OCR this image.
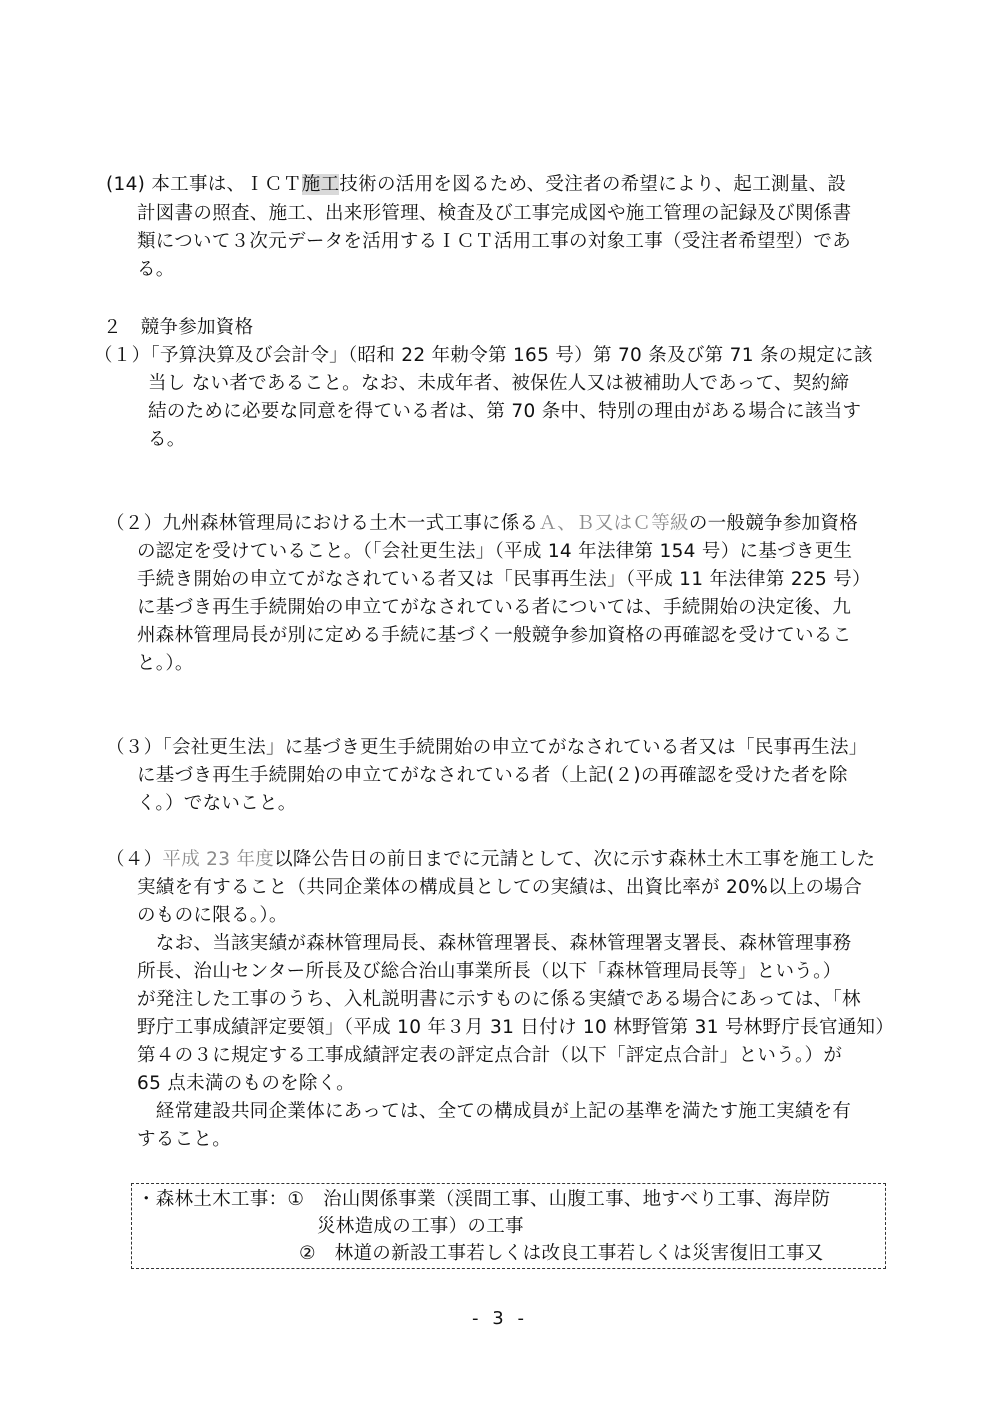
(14) 本工事は、ＩＣＴ施工技術の活用を図るため、受注者の希望により、起工測量、設
計図書の照査、施工、出来形管理、検査及び工事完成図や施工管理の記録及び関係書
類について３次元データを活用するＩＣＴ活用工事の対象工事（受注者希望型）であ
る。
２　競争参加資格
（１）「予算決算及び会計令」（昭和 22 年勅令第 165 号）第 70 条及び第 71 条の規定に該
当し ない者であること。なお、未成年者、被保佐人又は被補助人であって、契約締
結のために必要な同意を得ている者は、第 70 条中、特別の理由がある場合に該当す
る。
（２）九州森林管理局における土木一式工事に係るＡ、Ｂ又はＣ等級の一般競争参加資格
の認定を受けていること。（「会社更生法」（平成 14 年法律第 154 号）に基づき更生
手続き開始の申立てがなされている者又は「民事再生法」（平成 11 年法律第 225 号）
に基づき再生手続開始の申立てがなされている者については、手続開始の決定後、九
州森林管理局長が別に定める手続に基づく一般競争参加資格の再確認を受けているこ
と。）。
（３）「会社更生法」に基づき更生手続開始の申立てがなされている者又は「民事再生法」
に基づき再生手続開始の申立てがなされている者（上記(２)の再確認を受けた者を除
く。）でないこと。
（４）平成 23 年度以降公告日の前日までに元請として、次に示す森林土木工事を施工した
実績を有すること（共同企業体の構成員としての実績は、出資比率が 20%以上の場合
のものに限る。）。
　なお、当該実績が森林管理局長、森林管理署長、森林管理署支署長、森林管理事務
所長、治山センター所長及び総合治山事業所長（以下「森林管理局長等」という。）
が発注した工事のうち、入札説明書に示すものに係る実績である場合にあっては、「林
野庁工事成績評定要領」（平成 10 年３月 31 日付け 10 林野管第 31 号林野庁長官通知）
第４の３に規定する工事成績評定表の評定点合計（以下「評定点合計」という。）が
65 点未満のものを除く。
　経常建設共同企業体にあっては、全ての構成員が上記の基準を満たす施工実績を有
すること。
・森林土木工事：①　治山関係事業（渓間工事、山腹工事、地すべり工事、海岸防
災林造成の工事）の工事
②　林道の新設工事若しくは改良工事若しくは災害復旧工事又
- 3 -
